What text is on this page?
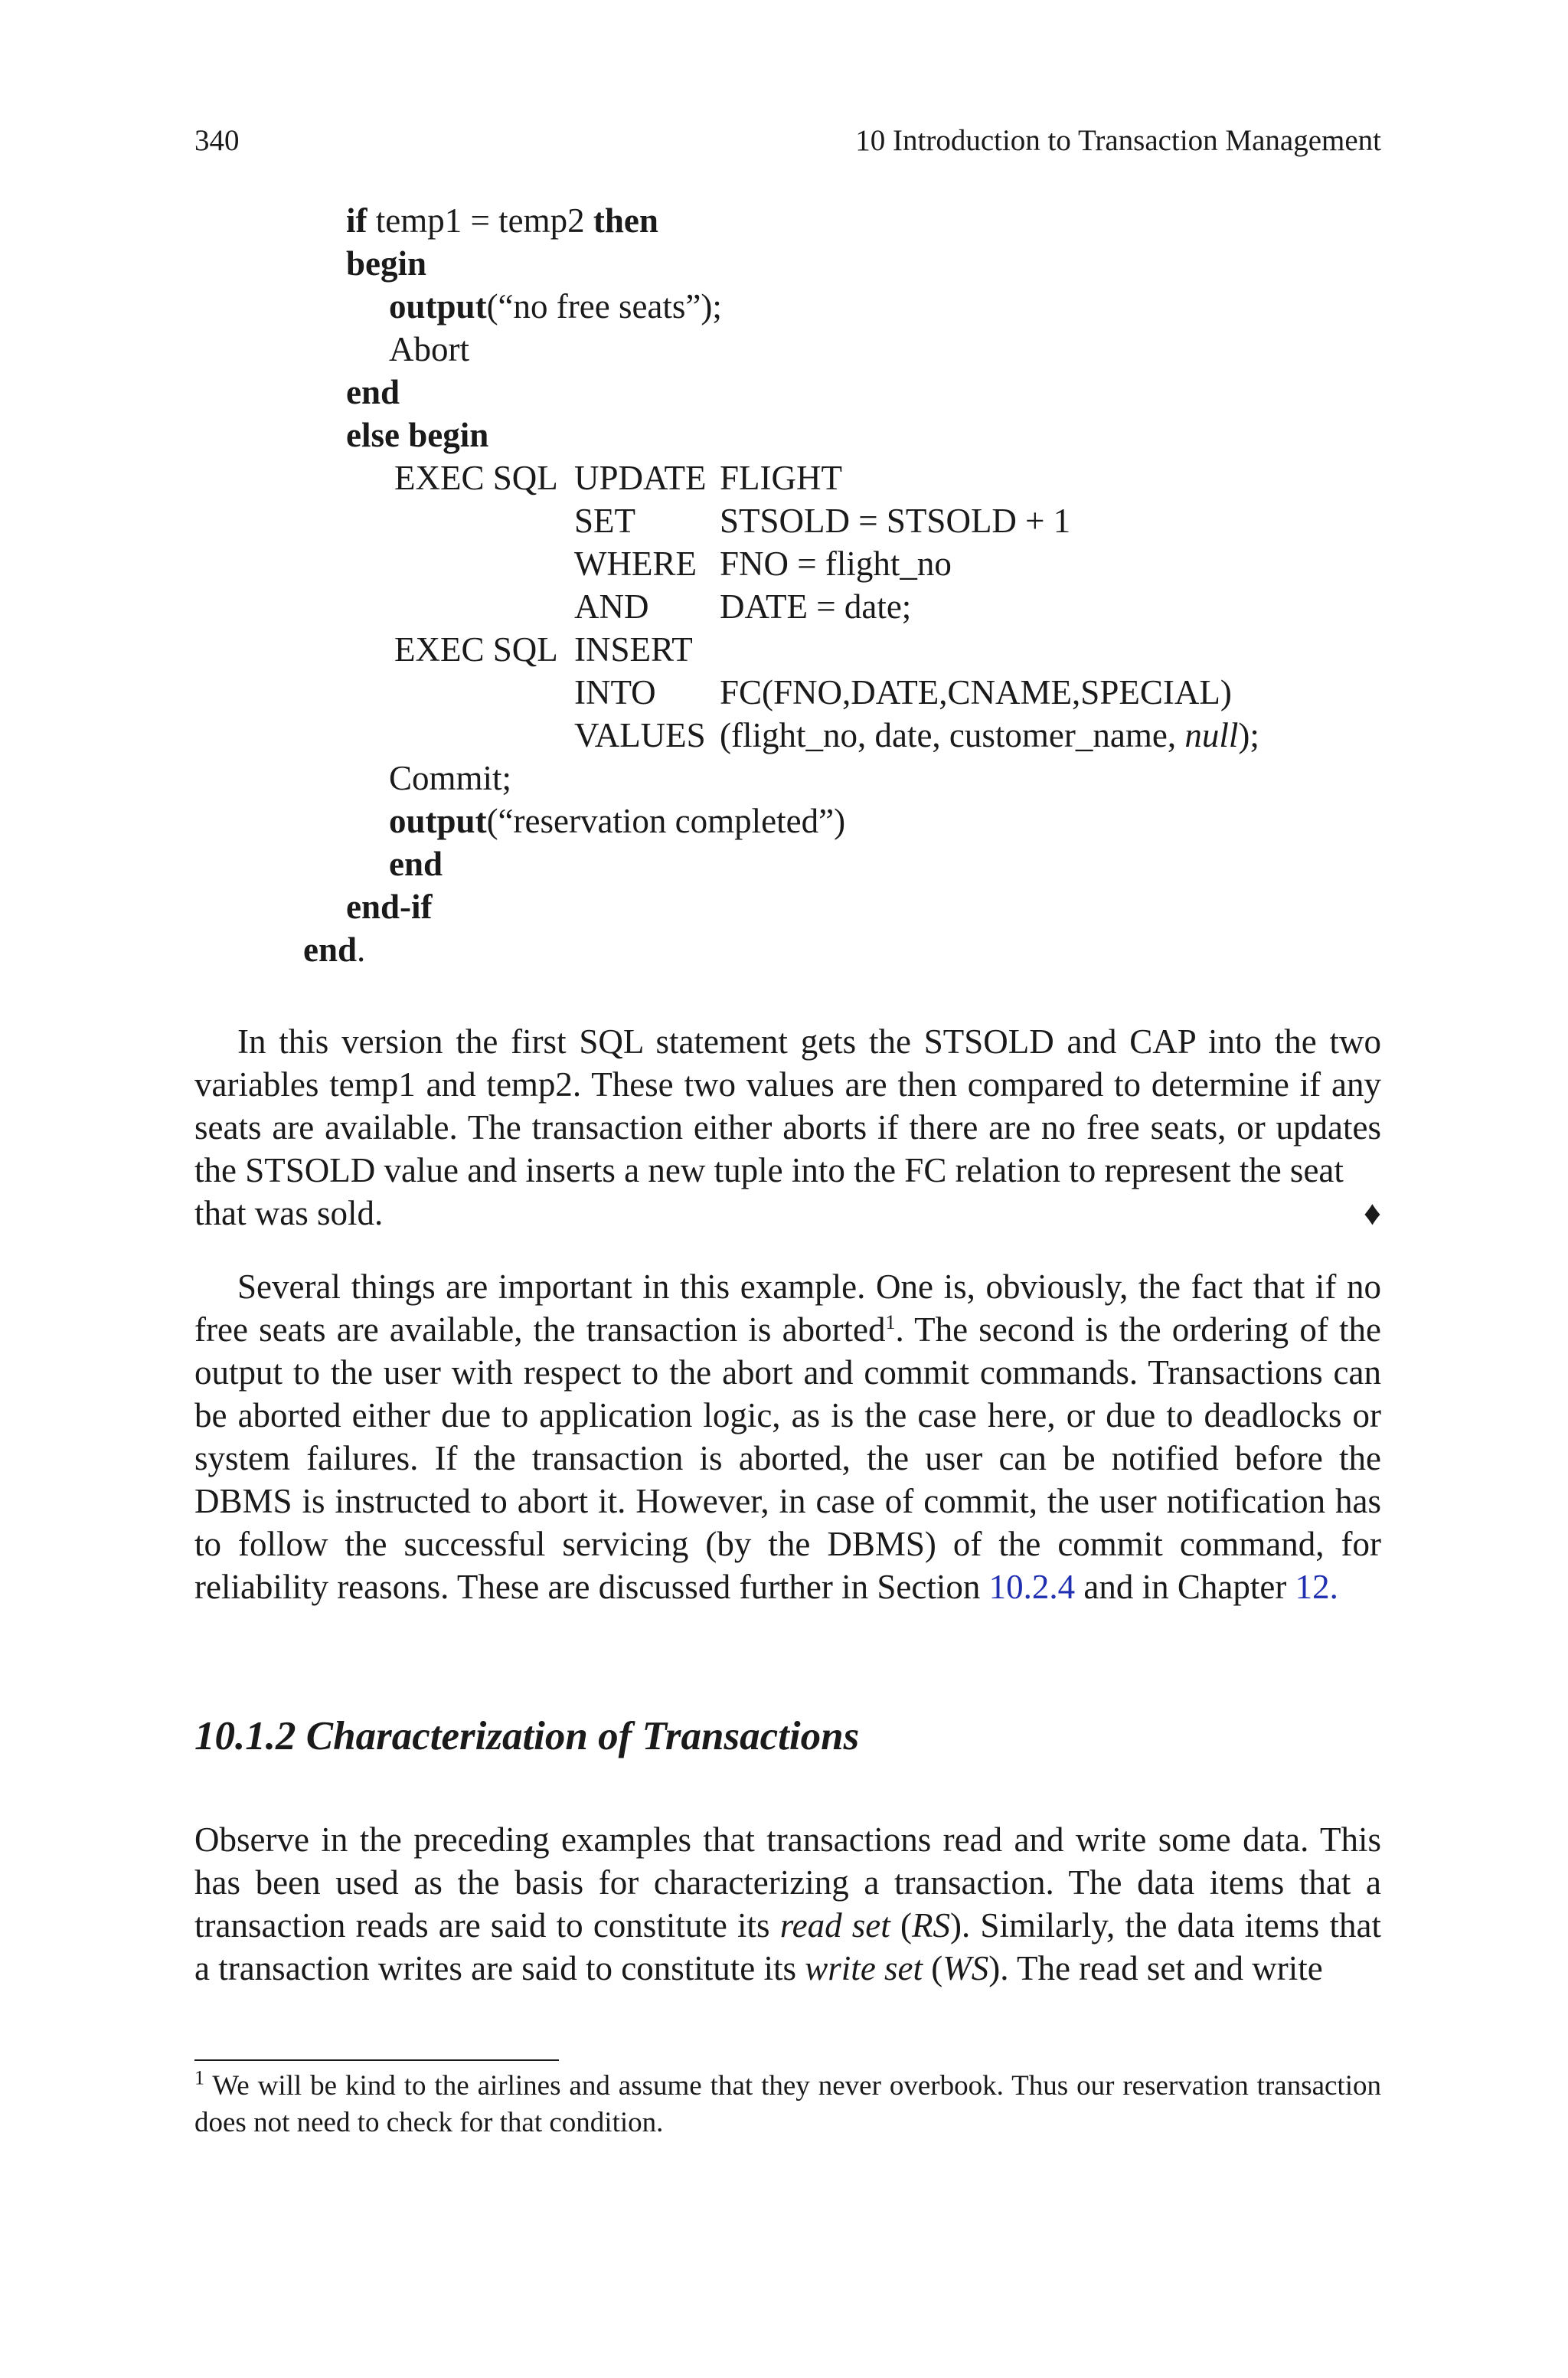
340	10 Introduction to Transaction Management
if temp1 = temp2 then
begin
output(“no free seats”);
Abort
end
else begin
EXEC SQL UPDATE FLIGHT
SET STSOLD = STSOLD + 1
WHERE FNO = flight_no
AND DATE = date;
EXEC SQL INSERT
INTO FC(FNO,DATE,CNAME,SPECIAL)
VALUES (flight_no, date, customer_name, null);
Commit;
output(“reservation completed”)
end
end-if
end.
In this version the first SQL statement gets the STSOLD and CAP into the two variables temp1 and temp2. These two values are then compared to determine if any seats are available. The transaction either aborts if there are no free seats, or updates the STSOLD value and inserts a new tuple into the FC relation to represent the seat
that was sold.	♦
Several things are important in this example. One is, obviously, the fact that if no free seats are available, the transaction is aborted$^1$. The second is the ordering of the output to the user with respect to the abort and commit commands. Transactions can be aborted either due to application logic, as is the case here, or due to deadlocks or system failures. If the transaction is aborted, the user can be notified before the DBMS is instructed to abort it. However, in case of commit, the user notification has to follow the successful servicing (by the DBMS) of the commit command, for reliability reasons. These are discussed further in Section 10.2.4 and in Chapter 12.
10.1.2 Characterization of Transactions
Observe in the preceding examples that transactions read and write some data. This has been used as the basis for characterizing a transaction. The data items that a transaction reads are said to constitute its read set (RS). Similarly, the data items that a transaction writes are said to constitute its write set (WS). The read set and write
$^1$ We will be kind to the airlines and assume that they never overbook. Thus our reservation transaction does not need to check for that condition.
